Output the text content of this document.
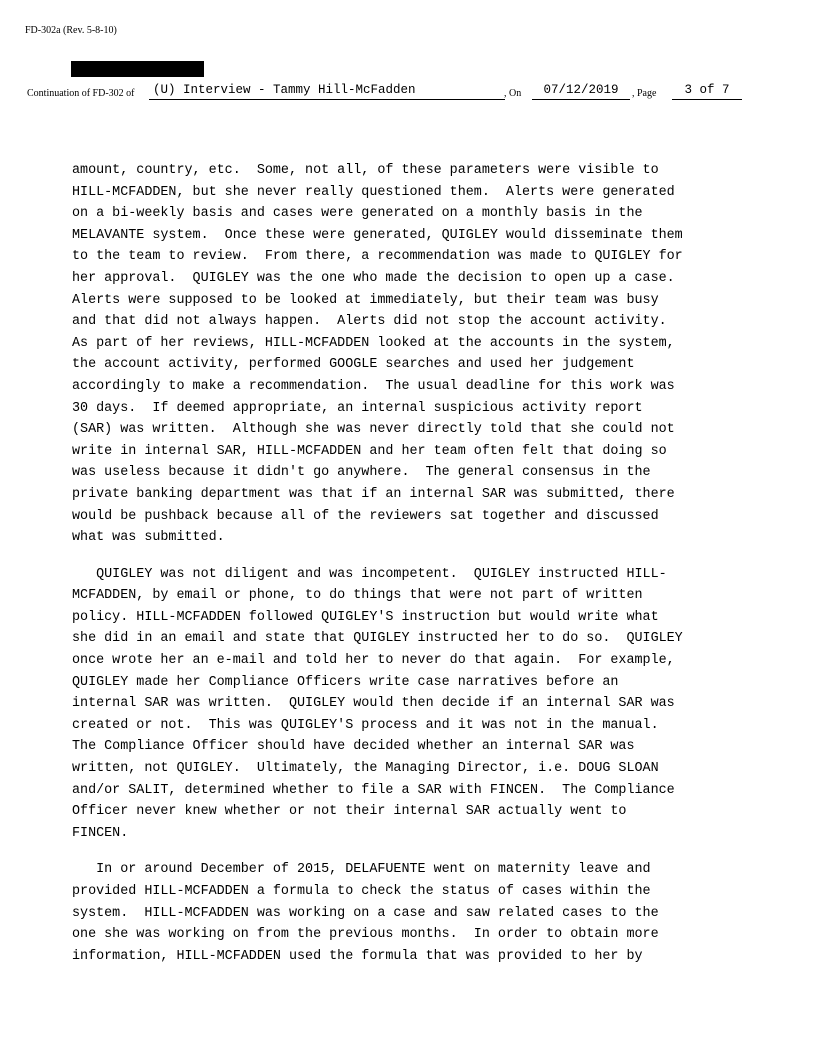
FD-302a (Rev. 5-8-10)
Continuation of FD-302 of	(U) Interview - Tammy Hill-McFadden	, On	07/12/2019	, Page	3 of 7

amount, country, etc.  Some, not all, of these parameters were visible to
HILL-MCFADDEN, but she never really questioned them.  Alerts were generated
on a bi-weekly basis and cases were generated on a monthly basis in the
MELAVANTE system.  Once these were generated, QUIGLEY would disseminate them
to the team to review.  From there, a recommendation was made to QUIGLEY for
her approval.  QUIGLEY was the one who made the decision to open up a case.
Alerts were supposed to be looked at immediately, but their team was busy
and that did not always happen.  Alerts did not stop the account activity.
As part of her reviews, HILL-MCFADDEN looked at the accounts in the system,
the account activity, performed GOOGLE searches and used her judgement
accordingly to make a recommendation.  The usual deadline for this work was
30 days.  If deemed appropriate, an internal suspicious activity report
(SAR) was written.  Although she was never directly told that she could not
write in internal SAR, HILL-MCFADDEN and her team often felt that doing so
was useless because it didn't go anywhere.  The general consensus in the
private banking department was that if an internal SAR was submitted, there
would be pushback because all of the reviewers sat together and discussed
what was submitted.

QUIGLEY was not diligent and was incompetent.  QUIGLEY instructed HILL-
MCFADDEN, by email or phone, to do things that were not part of written
policy. HILL-MCFADDEN followed QUIGLEY'S instruction but would write what
she did in an email and state that QUIGLEY instructed her to do so.  QUIGLEY
once wrote her an e-mail and told her to never do that again.  For example,
QUIGLEY made her Compliance Officers write case narratives before an
internal SAR was written.  QUIGLEY would then decide if an internal SAR was
created or not.  This was QUIGLEY'S process and it was not in the manual.
The Compliance Officer should have decided whether an internal SAR was
written, not QUIGLEY.  Ultimately, the Managing Director, i.e. DOUG SLOAN
and/or SALIT, determined whether to file a SAR with FINCEN.  The Compliance
Officer never knew whether or not their internal SAR actually went to
FINCEN.

In or around December of 2015, DELAFUENTE went on maternity leave and
provided HILL-MCFADDEN a formula to check the status of cases within the
system.  HILL-MCFADDEN was working on a case and saw related cases to the
one she was working on from the previous months.  In order to obtain more
information, HILL-MCFADDEN used the formula that was provided to her by
